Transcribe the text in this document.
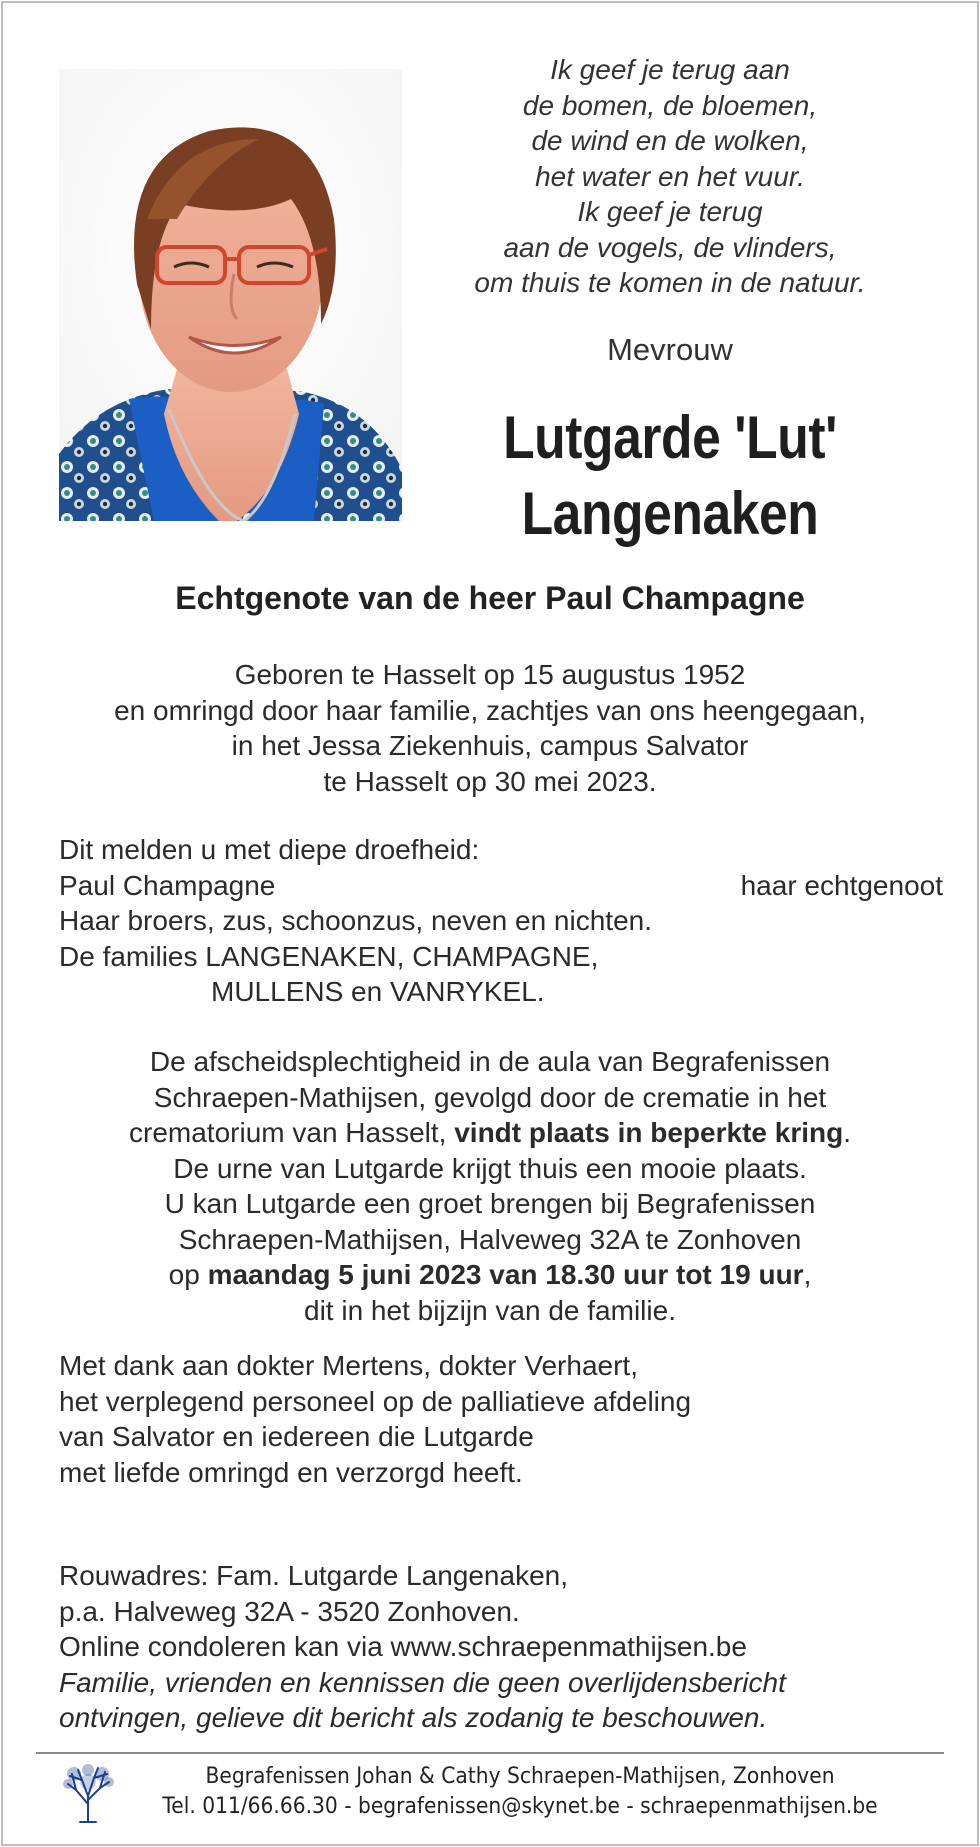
Ik geef je terug aan
de bomen, de bloemen,
de wind en de wolken,
het water en het vuur.
Ik geef je terug
aan de vogels, de vlinders,
om thuis te komen in de natuur.
Mevrouw
Lutgarde 'Lut'
Langenaken
Echtgenote van de heer Paul Champagne
Geboren te Hasselt op 15 augustus 1952
en omringd door haar familie, zachtjes van ons heengegaan,
in het Jessa Ziekenhuis, campus Salvator
te Hasselt op 30 mei 2023.
Dit melden u met diepe droefheid:
Paul Champagne	haar echtgenoot
Haar broers, zus, schoonzus, neven en nichten.
De families LANGENAKEN, CHAMPAGNE,
MULLENS en VANRYKEL.
De afscheidsplechtigheid in de aula van Begrafenissen
Schraepen-Mathijsen, gevolgd door de crematie in het
crematorium van Hasselt, vindt plaats in beperkte kring.
De urne van Lutgarde krijgt thuis een mooie plaats.
U kan Lutgarde een groet brengen bij Begrafenissen
Schraepen-Mathijsen, Halveweg 32A te Zonhoven
op maandag 5 juni 2023 van 18.30 uur tot 19 uur,
dit in het bijzijn van de familie.
Met dank aan dokter Mertens, dokter Verhaert,
het verplegend personeel op de palliatieve afdeling
van Salvator en iedereen die Lutgarde
met liefde omringd en verzorgd heeft.
Rouwadres: Fam. Lutgarde Langenaken,
p.a. Halveweg 32A - 3520 Zonhoven.
Online condoleren kan via www.schraepenmathijsen.be
Familie, vrienden en kennissen die geen overlijdensbericht
ontvingen, gelieve dit bericht als zodanig te beschouwen.
Begrafenissen Johan & Cathy Schraepen-Mathijsen, Zonhoven
Tel. 011/66.66.30 - begrafenissen@skynet.be - schraepenmathijsen.be
